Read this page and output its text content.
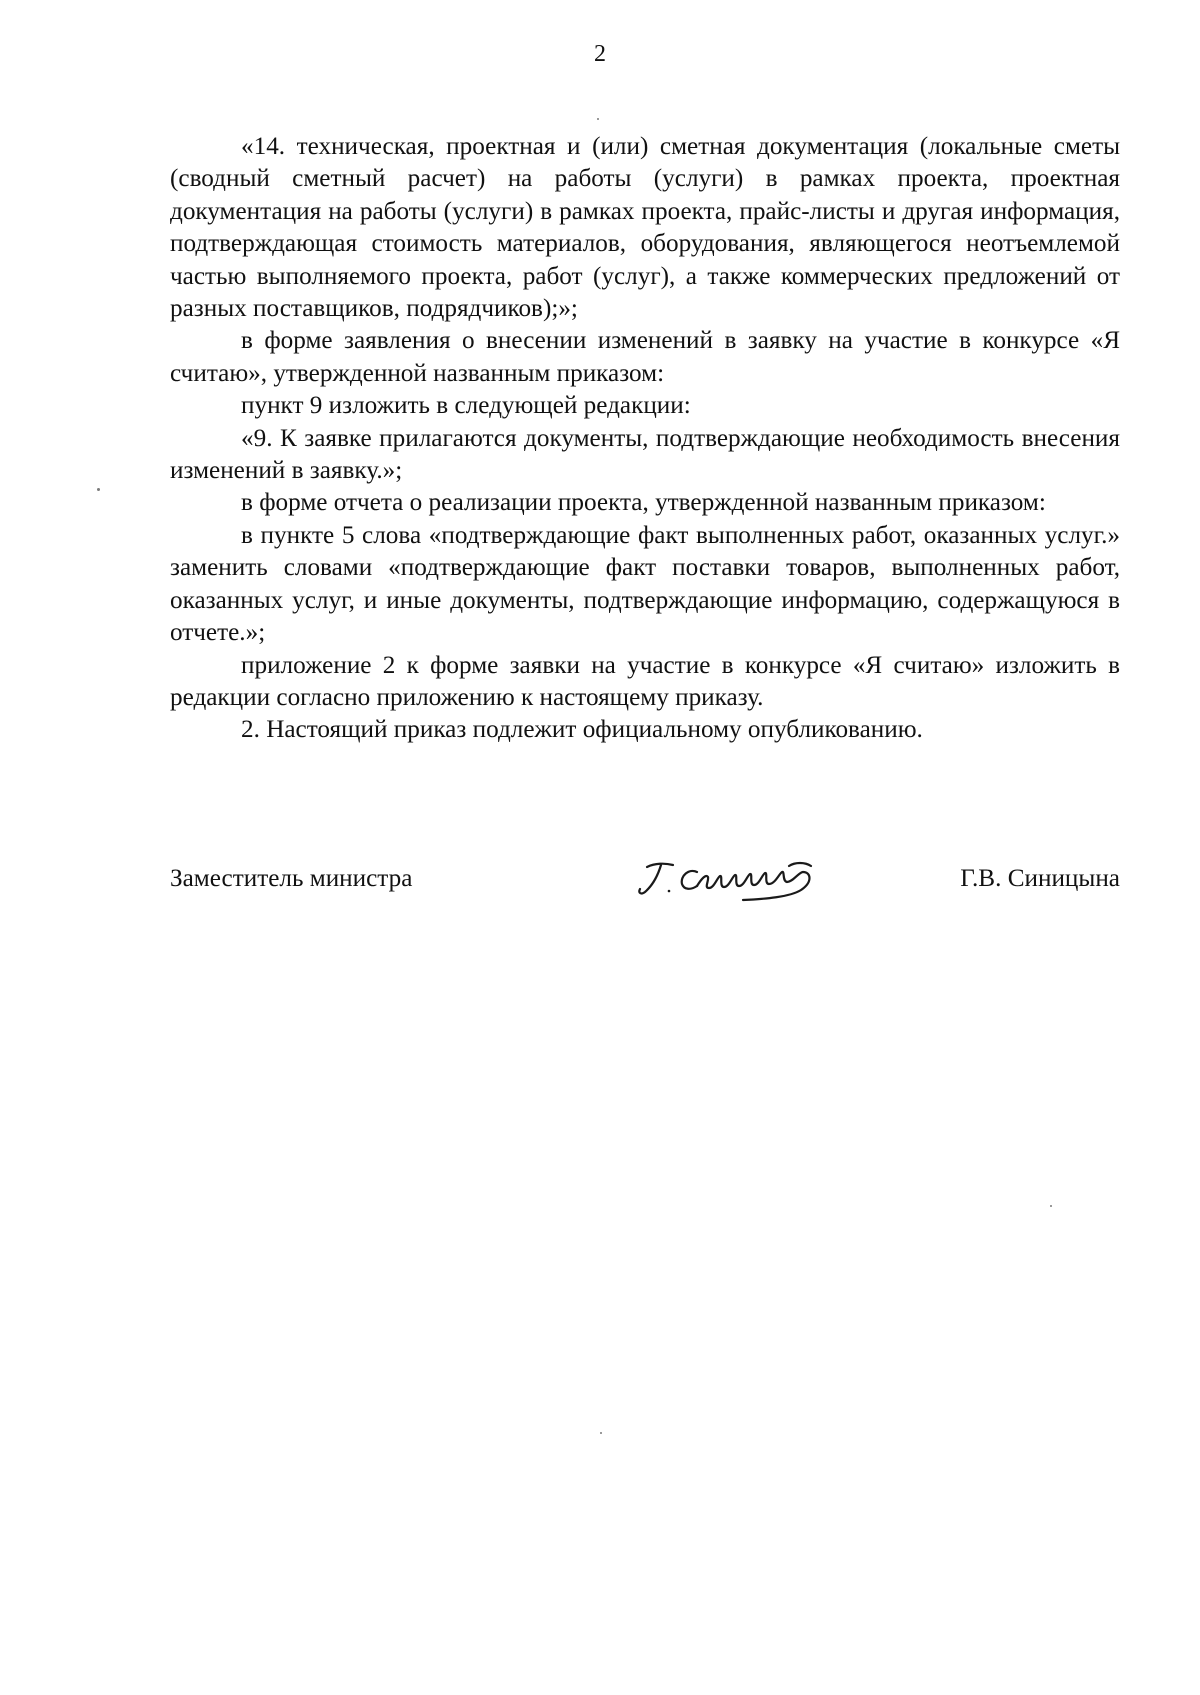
2

«14. техническая, проектная и (или) сметная документация (локальные сметы (сводный сметный расчет) на работы (услуги) в рамках проекта, проектная документация на работы (услуги) в рамках проекта, прайс-листы и другая информация, подтверждающая стоимость материалов, оборудования, являющегося неотъемлемой частью выполняемого проекта, работ (услуг), а также коммерческих предложений от разных поставщиков, подрядчиков);»;

в форме заявления о внесении изменений в заявку на участие в конкурсе «Я считаю», утвержденной названным приказом:

пункт 9 изложить в следующей редакции:

«9. К заявке прилагаются документы, подтверждающие необходимость внесения изменений в заявку.»;

в форме отчета о реализации проекта, утвержденной названным приказом:

в пункте 5 слова «подтверждающие факт выполненных работ, оказанных услуг.» заменить словами «подтверждающие факт поставки товаров, выполненных работ, оказанных услуг, и иные документы, подтверждающие информацию, содержащуюся в отчете.»;

приложение 2 к форме заявки на участие в конкурсе «Я считаю» изложить в редакции согласно приложению к настоящему приказу.

2. Настоящий приказ подлежит официальному опубликованию.

Заместитель министра	Г.В. Синицына
